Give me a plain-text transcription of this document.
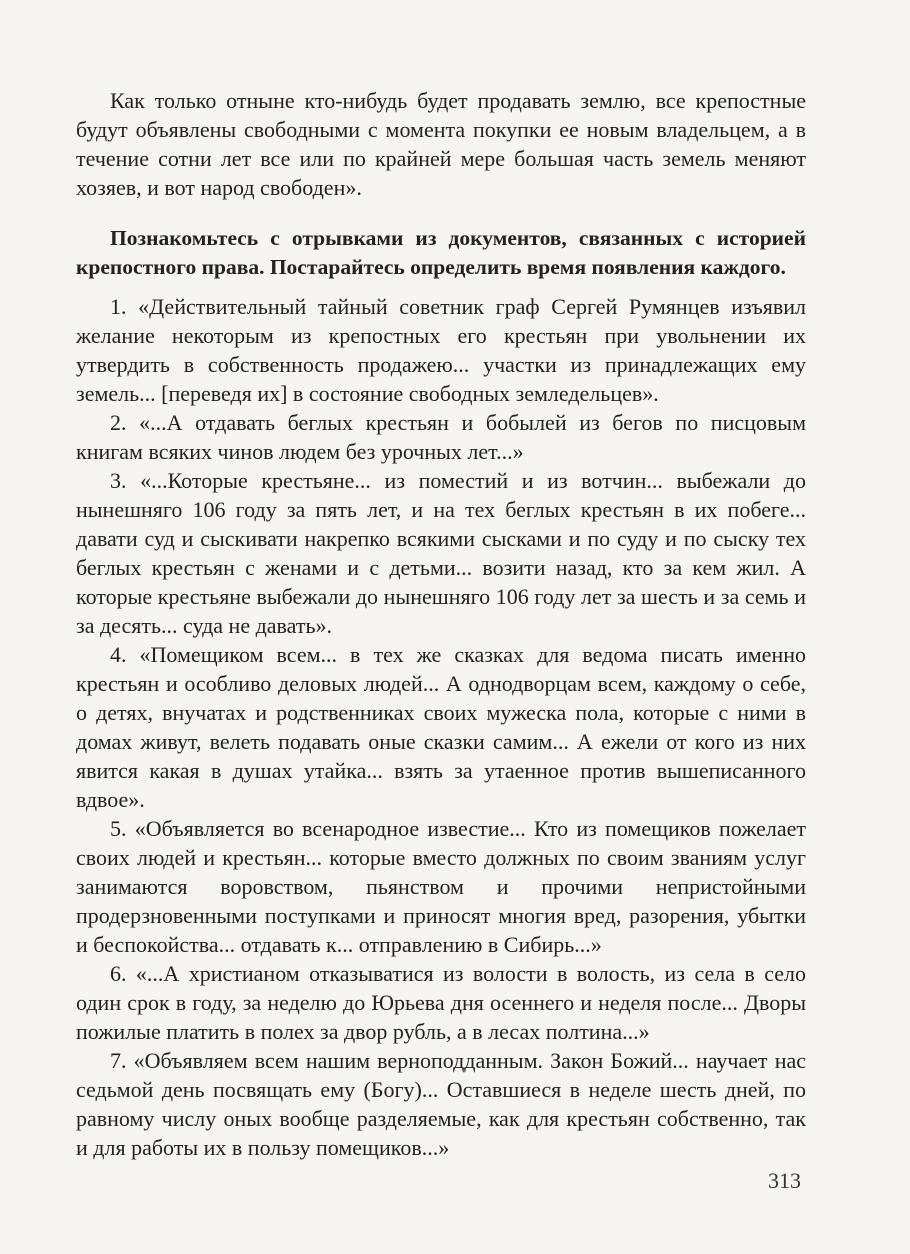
Как только отныне кто-нибудь будет продавать землю, все крепостные будут объявлены свободными с момента покупки ее новым владельцем, а в течение сотни лет все или по крайней мере большая часть земель меняют хозяев, и вот народ свободен».

Познакомьтесь с отрывками из документов, связанных с историей крепостного права. Постарайтесь определить время появления каждого.

1. «Действительный тайный советник граф Сергей Румянцев изъявил желание некоторым из крепостных его крестьян при увольнении их утвердить в собственность продажею... участки из принадлежащих ему земель... [переведя их] в состояние свободных земледельцев».

2. «...А отдавать беглых крестьян и бобылей из бегов по писцовым книгам всяких чинов людем без урочных лет...»

3. «...Которые крестьяне... из поместий и из вотчин... выбежали до нынешняго 106 году за пять лет, и на тех беглых крестьян в их побеге... давати суд и сыскивати накрепко всякими сысками и по суду и по сыску тех беглых крестьян с женами и с детьми... возити назад, кто за кем жил. А которые крестьяне выбежали до нынешняго 106 году лет за шесть и за семь и за десять... суда не давать».

4. «Помещиком всем... в тех же сказках для ведома писать именно крестьян и особливо деловых людей... А однодворцам всем, каждому о себе, о детях, внучатах и родственниках своих мужеска пола, которые с ними в домах живут, велеть подавать оные сказки самим... А ежели от кого из них явится какая в душах утайка... взять за утаенное против вышеписанного вдвое».

5. «Объявляется во всенародное известие... Кто из помещиков пожелает своих людей и крестьян... которые вместо должных по своим званиям услуг занимаются воровством, пьянством и прочими непристойными продерзновенными поступками и приносят многия вред, разорения, убытки и беспокойства... отдавать к... отправлению в Сибирь...»

6. «...А христианом отказыватися из волости в волость, из села в село один срок в году, за неделю до Юрьева дня осеннего и неделя после... Дворы пожилые платить в полех за двор рубль, а в лесах полтина...»

7. «Объявляем всем нашим верноподданным. Закон Божий... научает нас седьмой день посвящать ему (Богу)... Оставшиеся в неделе шесть дней, по равному числу оных вообще разделяемые, как для крестьян собственно, так и для работы их в пользу помещиков...»

313
